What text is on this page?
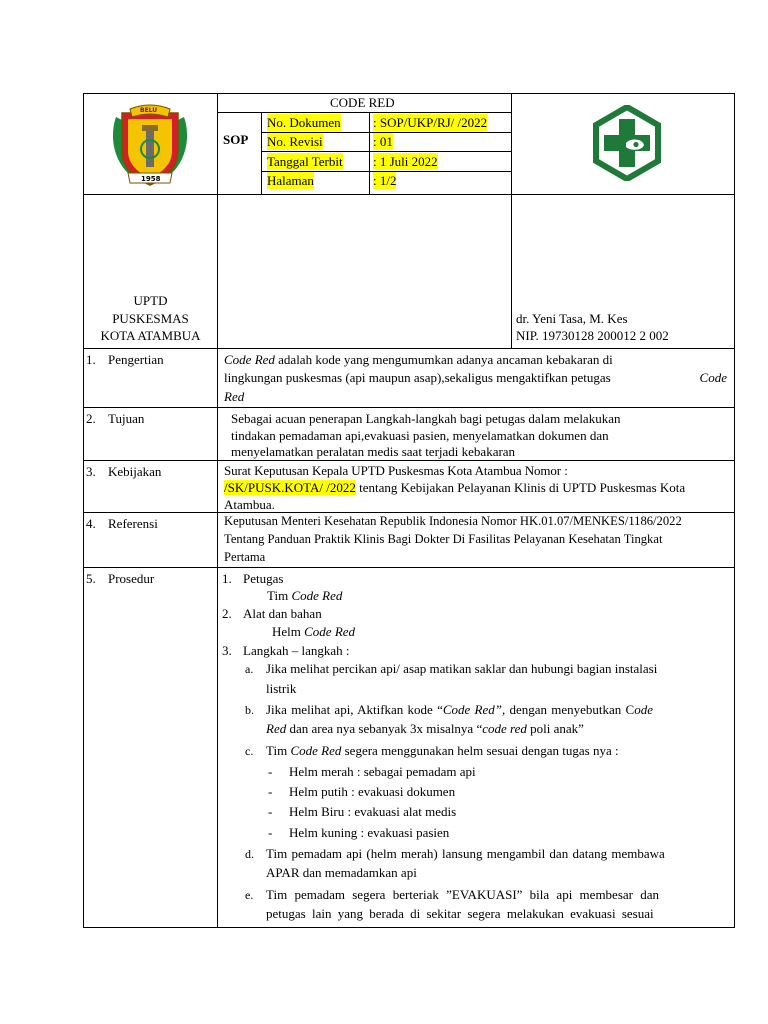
BELU
1958
CODE RED
SOP
No. Dokumen : SOP/UKP/RJ/ /2022
No. Revisi	: 01
Tanggal Terbit : 1 Juli 2022
Halaman	: 1/2
UPTD
PUSKESMAS
KOTA ATAMBUA
dr. Yeni Tasa, M. Kes
NIP. 19730128 200012 2 002
1. Pengertian	Code Red adalah kode yang mengumumkan adanya ancaman kebakaran di
lingkungan puskesmas (api maupun asap),sekaligus mengaktifkan petugas	Code
Red
2. Tujuan	Sebagai acuan penerapan Langkah-langkah bagi petugas dalam melakukan
tindakan pemadaman api,evakuasi pasien, menyelamatkan dokumen dan
menyelamatkan peralatan medis saat terjadi kebakaran
3. Kebijakan	Surat Keputusan Kepala UPTD Puskesmas Kota Atambua Nomor :
/SK/PUSK.KOTA/ /2022 tentang Kebijakan Pelayanan Klinis di UPTD Puskesmas Kota
Atambua.
4. Referensi	Keputusan Menteri Kesehatan Republik Indonesia Nomor HK.01.07/MENKES/1186/2022
Tentang Panduan Praktik Klinis Bagi Dokter Di Fasilitas Pelayanan Kesehatan Tingkat
Pertama
5. Prosedur	1. Petugas
Tim Code Red
2. Alat dan bahan
Helm Code Red
3. Langkah – langkah :
a. Jika melihat percikan api/ asap matikan saklar dan hubungi bagian instalasi
listrik
b. Jika melihat api, Aktifkan kode “Code Red”, dengan menyebutkan Code
Red dan area nya sebanyak 3x misalnya “code red poli anak”
c. Tim Code Red segera menggunakan helm sesuai dengan tugas nya :
- Helm merah : sebagai pemadam api
- Helm putih : evakuasi dokumen
- Helm Biru : evakuasi alat medis
- Helm kuning : evakuasi pasien
d. Tim pemadam api (helm merah) lansung mengambil dan datang membawa
APAR dan memadamkan api
e. Tim pemadam segera berteriak ”EVAKUASI” bila api membesar dan
petugas lain yang berada di sekitar segera melakukan evakuasi sesuai
